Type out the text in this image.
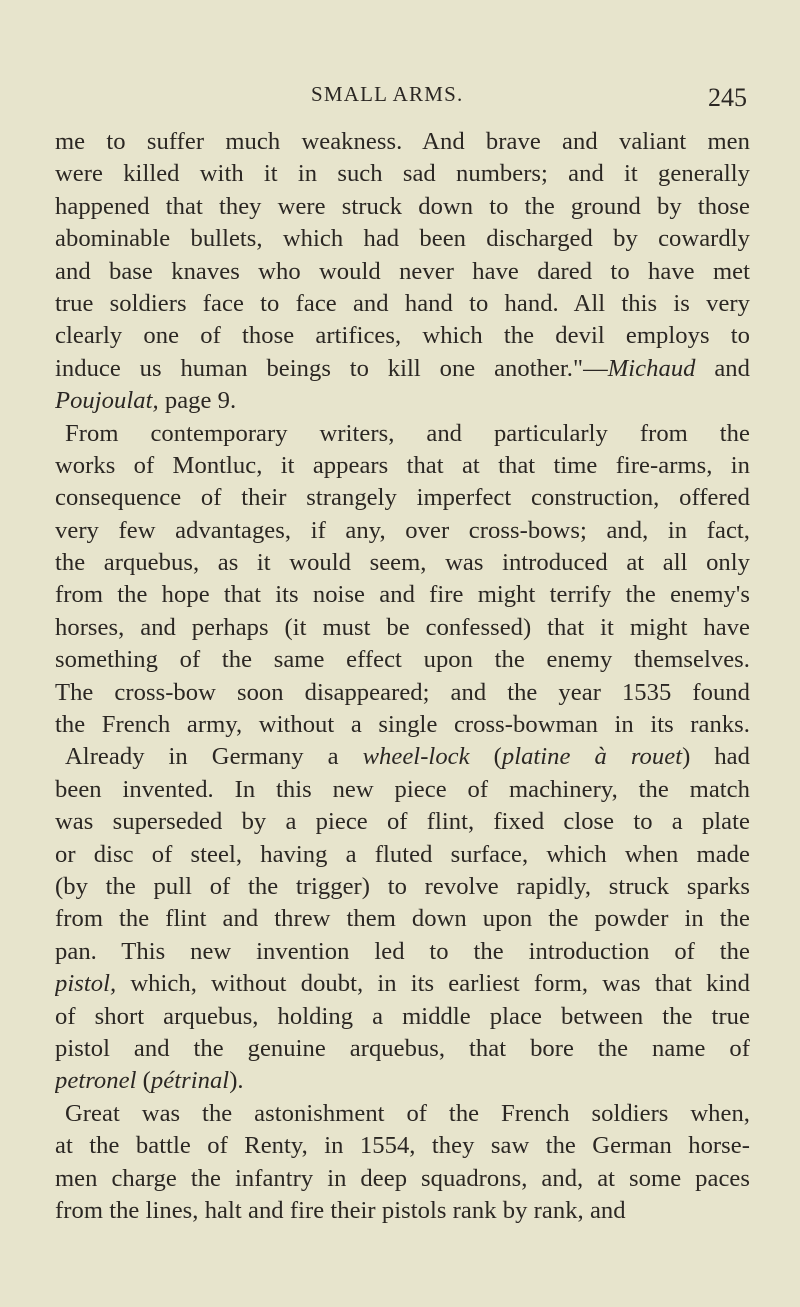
SMALL ARMS.	245
me to suffer much weakness. And brave and valiant men
were killed with it in such sad numbers; and it generally
happened that they were struck down to the ground by those
abominable bullets, which had been discharged by cowardly
and base knaves who would never have dared to have met
true soldiers face to face and hand to hand. All this is very
clearly one of those artifices, which the devil employs to
induce us human beings to kill one another."—Michaud and
Poujoulat, page 9.
From contemporary writers, and particularly from the
works of Montluc, it appears that at that time fire-arms, in
consequence of their strangely imperfect construction, offered
very few advantages, if any, over cross-bows; and, in fact,
the arquebus, as it would seem, was introduced at all only
from the hope that its noise and fire might terrify the enemy's
horses, and perhaps (it must be confessed) that it might have
something of the same effect upon the enemy themselves.
The cross-bow soon disappeared; and the year 1535 found
the French army, without a single cross-bowman in its ranks.
Already in Germany a wheel-lock (platine à rouet) had
been invented. In this new piece of machinery, the match
was superseded by a piece of flint, fixed close to a plate
or disc of steel, having a fluted surface, which when made
(by the pull of the trigger) to revolve rapidly, struck sparks
from the flint and threw them down upon the powder in the
pan. This new invention led to the introduction of the
pistol, which, without doubt, in its earliest form, was that kind
of short arquebus, holding a middle place between the true
pistol and the genuine arquebus, that bore the name of
petronel (pétrinal).
Great was the astonishment of the French soldiers when,
at the battle of Renty, in 1554, they saw the German horse-
men charge the infantry in deep squadrons, and, at some paces
from the lines, halt and fire their pistols rank by rank, and
